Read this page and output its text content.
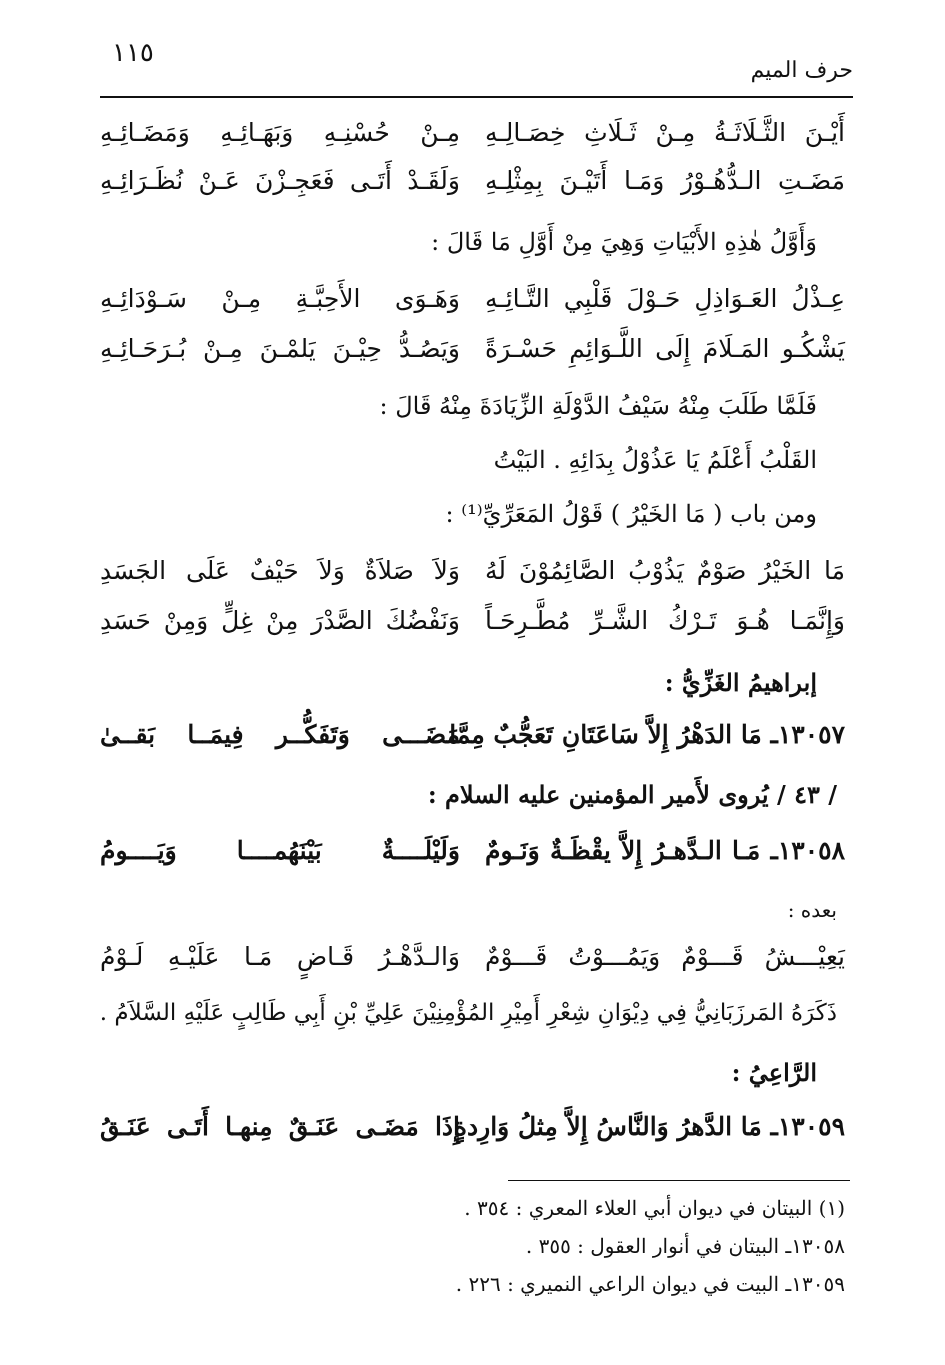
حرف الميم
١١٥
أَيْـنَ الثَّـلَاثَـةُ مِـنْ ثَـلَاثِ خِصَـالِـهِ
مِـنْ حُسْنِـهِ وَبَهَـائِـهِ وَمَضَـائِـهِ
مَضَـتِ الـدُّهُـوْرُ وَمَـا أَتَيْـنَ بِمِثْلِـهِ
وَلَقَـدْ أَتَـى فَعَجِـزْنَ عَـنْ نُظَـرَائِـهِ
وَأَوَّلُ هٰذِهِ الأَبْيَاتِ وَهِيَ مِنْ أَوَّلِ مَا قَالَ :
عِـذْلُ العَـوَاذِلِ حَـوْلَ قَلْبِي التَّـائِـهِ
وَهَـوَى الأَحِبَّـةِ مِـنْ سَـوْدَائِـهِ
يَشْكُـو المَـلَامَ إِلَى اللَّـوَائِمِ حَسْـرَةً
وَيَصُـدُّ حِيْـنَ يَلمْـنَ مِـنْ بُـرَحَـائِـهِ
فَلَمَّا طَلَبَ مِنْهُ سَيْفُ الدَّوْلَةِ الزِّيَادَةَ مِنْهُ قَالَ :
القَلْبُ أَعْلَمُ يَا عَذُوْلُ بِدَائِهِ . البَيْتُ
ومن باب ( مَا الخَيْرُ ) قَوْلُ المَعَرِّيِّ⁽¹⁾ :
مَا الخَيْرُ صَوْمٌ يَذُوْبُ الصَّائِمُوْنَ لَهُ
وَلاَ صَلاَةٌ وَلاَ حَيْفٌ عَلَى الجَسَدِ
وَإِنَّمَـا هُـوَ تَـرْكُ الشَّـرِّ مُطَّـرِحَـاً
وَنَفْضُكَ الصَّدْرَ مِنْ غِلٍّ وَمِنْ حَسَدِ
إبراهيمُ الغَزِّيُّ :
١٣٠٥٧ـ مَا الدَهْرُ إِلاَّ سَاعَتَانِ تَعَجُّبٌ مِمَّا
مَضَـــى وَتَفَكُّــر فِيمَــا بَقــىٰ
/ ٤٣ / يُروى لأَمير المؤمنين عليه السلام :
١٣٠٥٨ـ مَـا الـدَّهـرُ إِلاَّ يقْظَـةٌ وَنَـومٌ
وَلَيْلَــــةٌ بَيْنَهُمــــا وَيَــــومُ
بعده :
يَعِيْـــشُ قَـــوْمٌ وَيَمُـــوْتُ قَـــوْمٌ
وَالـدَّهْـرُ قَـاضٍ مَـا عَلَيْـهِ لَـوْمُ
ذَكَرَهُ المَرزَبَانِيُّ فِي دِيْوَانِ شِعْرِ أَمِيْرِ المُؤْمِنِيْنَ عَلِيِّ بْنِ أَبِي طَالِبٍ عَلَيْهِ السَّلاَمُ .
الرَّاعِيُ :
١٣٠٥٩ـ مَا الدَّهرُ وَالنَّاسُ إِلاَّ مِثلُ وَارِدةٍ
إِذَا مَضَـى عَنَـقٌ مِنهـا أَتَـى عَنَـقُ
(١) البيتان في ديوان أبي العلاء المعري : ٣٥٤ .
١٣٠٥٨ـ البيتان في أنوار العقول : ٣٥٥ .
١٣٠٥٩ـ البيت في ديوان الراعي النميري : ٢٢٦ .
